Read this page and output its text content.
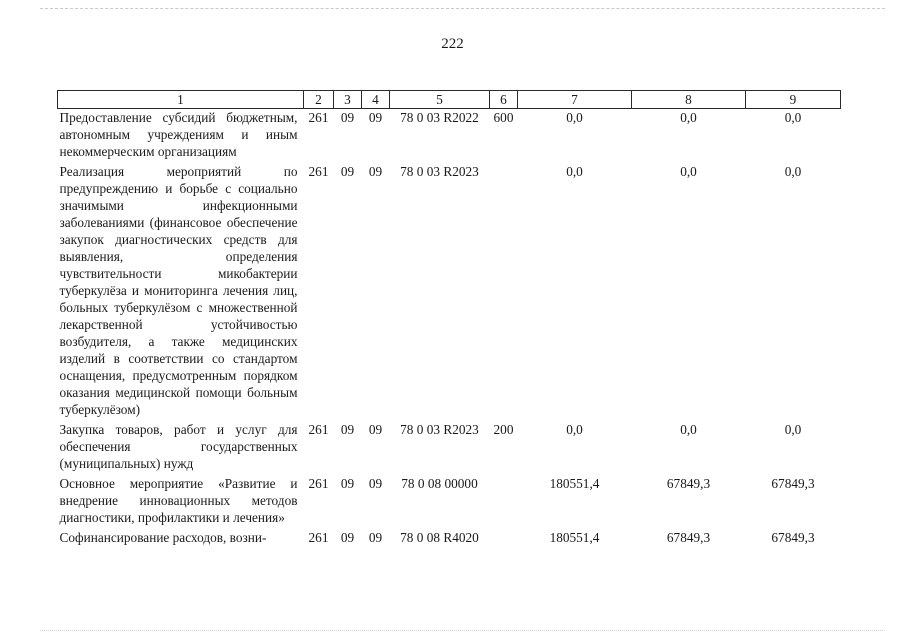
222
1	2	3	4	5	6	7	8	9
Предоставление субсидий бюджетным, автономным учреждениям и иным некоммерческим организациям	261	09	09	78 0 03 R2022	600	0,0	0,0	0,0
Реализация мероприятий по предупреждению и борьбе с социально значимыми инфекционными заболеваниями (финансовое обеспечение закупок диагностических средств для выявления, определения чувствительности микобактерии туберкулёза и мониторинга лечения лиц, больных туберкулёзом с множественной лекарственной устойчивостью возбудителя, а также медицинских изделий в соответствии со стандартом оснащения, предусмотренным порядком оказания медицинской помощи больным туберкулёзом)	261	09	09	78 0 03 R2023		0,0	0,0	0,0
Закупка товаров, работ и услуг для обеспечения государственных (муниципальных) нужд	261	09	09	78 0 03 R2023	200	0,0	0,0	0,0
Основное мероприятие «Развитие и внедрение инновационных методов диагностики, профилактики и лечения»	261	09	09	78 0 08 00000		180551,4	67849,3	67849,3
Софинансирование расходов, возни-	261	09	09	78 0 08 R4020		180551,4	67849,3	67849,3
